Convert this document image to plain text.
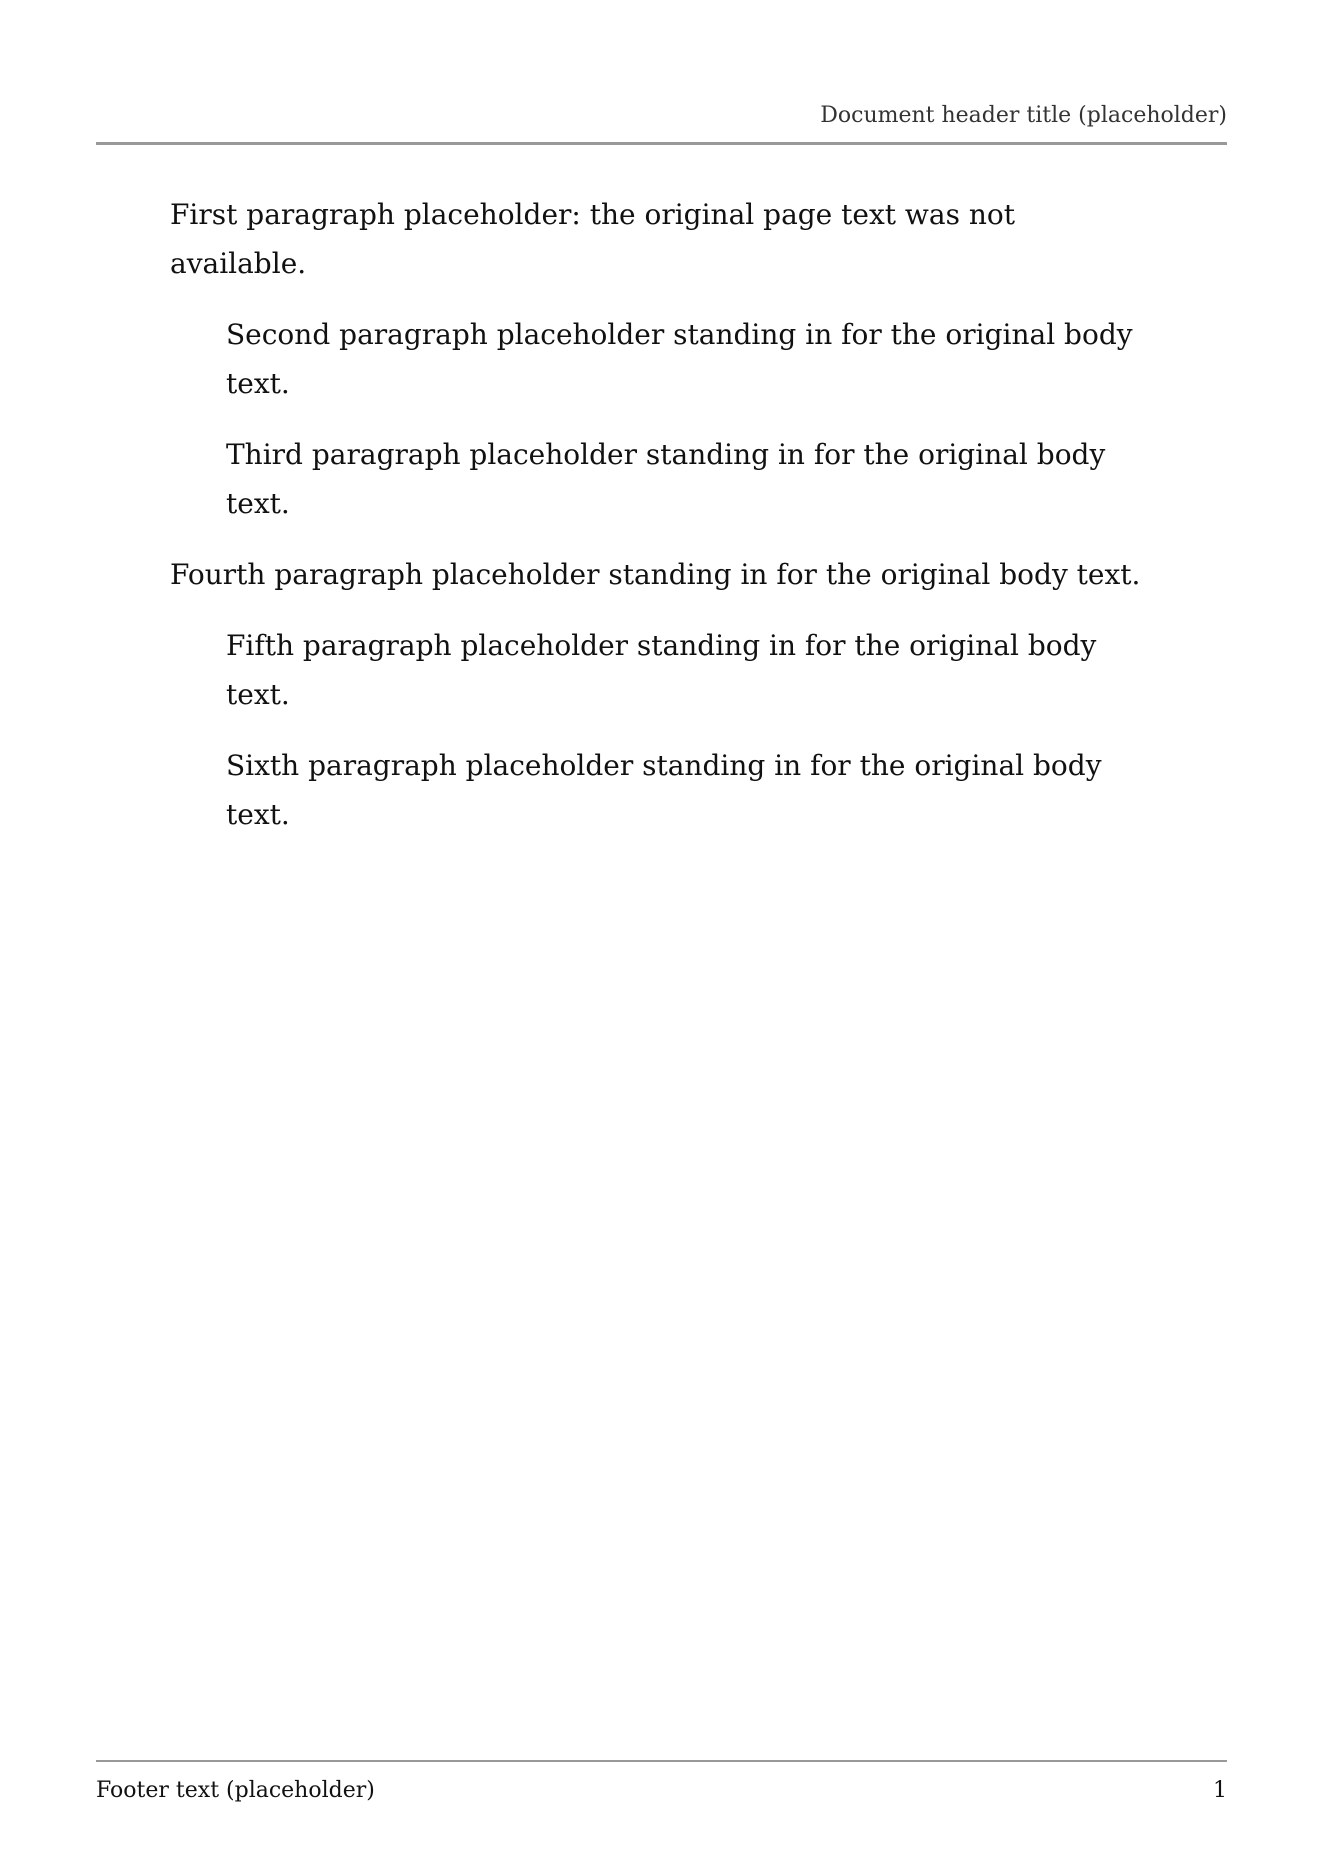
Document header title (placeholder)

First paragraph placeholder: the original page text was not available.

Second paragraph placeholder standing in for the original body text.

Third paragraph placeholder standing in for the original body text.

Fourth paragraph placeholder standing in for the original body text.

Fifth paragraph placeholder standing in for the original body text.

Sixth paragraph placeholder standing in for the original body text.

Footer text (placeholder)	1
